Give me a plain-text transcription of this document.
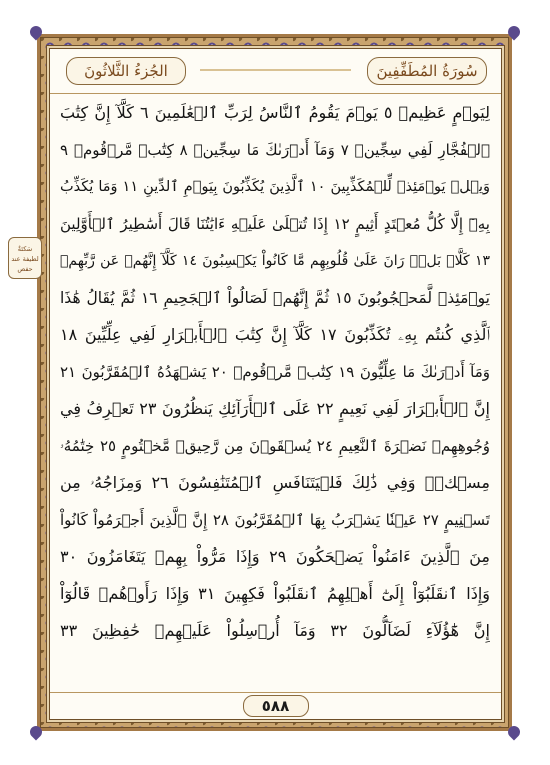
الجُزءُ الثَّلاثُونَ	سُورَةُ المُطَفِّفِينَ
لِيَوۡمٍ عَظِيمٖ ٥ يَوۡمَ يَقُومُ ٱلنَّاسُ لِرَبِّ ٱلۡعَٰلَمِينَ ٦ كَلَّآ إِنَّ كِتَٰبَ
ٱلۡفُجَّارِ لَفِي سِجِّينٖ ٧ وَمَآ أَدۡرَىٰكَ مَا سِجِّينٞ ٨ كِتَٰبٞ مَّرۡقُومٞ ٩
وَيۡلٞ يَوۡمَئِذٖ لِّلۡمُكَذِّبِينَ ١٠ ٱلَّذِينَ يُكَذِّبُونَ بِيَوۡمِ ٱلدِّينِ ١١ وَمَا يُكَذِّبُ
بِهِۦٓ إِلَّا كُلُّ مُعۡتَدٍ أَثِيمٍ ١٢ إِذَا تُتۡلَىٰ عَلَيۡهِ ءَايَٰتُنَا قَالَ أَسَٰطِيرُ ٱلۡأَوَّلِينَ
١٣ كَلَّاۖ بَلۡۜ رَانَ عَلَىٰ قُلُوبِهِم مَّا كَانُواْ يَكۡسِبُونَ ١٤ كَلَّآ إِنَّهُمۡ عَن رَّبِّهِمۡ
يَوۡمَئِذٖ لَّمَحۡجُوبُونَ ١٥ ثُمَّ إِنَّهُمۡ لَصَالُواْ ٱلۡجَحِيمِ ١٦ ثُمَّ يُقَالُ هَٰذَا
ٱلَّذِي كُنتُم بِهِۦ تُكَذِّبُونَ ١٧ كَلَّآ إِنَّ كِتَٰبَ ٱلۡأَبۡرَارِ لَفِي عِلِّيِّينَ ١٨
وَمَآ أَدۡرَىٰكَ مَا عِلِّيُّونَ ١٩ كِتَٰبٞ مَّرۡقُومٞ ٢٠ يَشۡهَدُهُ ٱلۡمُقَرَّبُونَ ٢١
إِنَّ ٱلۡأَبۡرَارَ لَفِي نَعِيمٍ ٢٢ عَلَى ٱلۡأَرَآئِكِ يَنظُرُونَ ٢٣ تَعۡرِفُ فِي
وُجُوهِهِمۡ نَضۡرَةَ ٱلنَّعِيمِ ٢٤ يُسۡقَوۡنَ مِن رَّحِيقٖ مَّخۡتُومٍ ٢٥ خِتَٰمُهُۥ
مِسۡكٞۚ وَفِي ذَٰلِكَ فَلۡيَتَنَافَسِ ٱلۡمُتَنَٰفِسُونَ ٢٦ وَمِزَاجُهُۥ مِن
تَسۡنِيمٍ ٢٧ عَيۡنٗا يَشۡرَبُ بِهَا ٱلۡمُقَرَّبُونَ ٢٨ إِنَّ ٱلَّذِينَ أَجۡرَمُواْ كَانُواْ
مِنَ ٱلَّذِينَ ءَامَنُواْ يَضۡحَكُونَ ٢٩ وَإِذَا مَرُّواْ بِهِمۡ يَتَغَامَزُونَ ٣٠
وَإِذَا ٱنقَلَبُوٓاْ إِلَىٰٓ أَهۡلِهِمُ ٱنقَلَبُواْ فَكِهِينَ ٣١ وَإِذَا رَأَوۡهُمۡ قَالُوٓاْ
إِنَّ هَٰٓؤُلَآءِ لَضَآلُّونَ ٣٢ وَمَآ أُرۡسِلُواْ عَلَيۡهِمۡ حَٰفِظِينَ ٣٣
٥٨٨
سَكتَةٌ لطيفة عند حفص
